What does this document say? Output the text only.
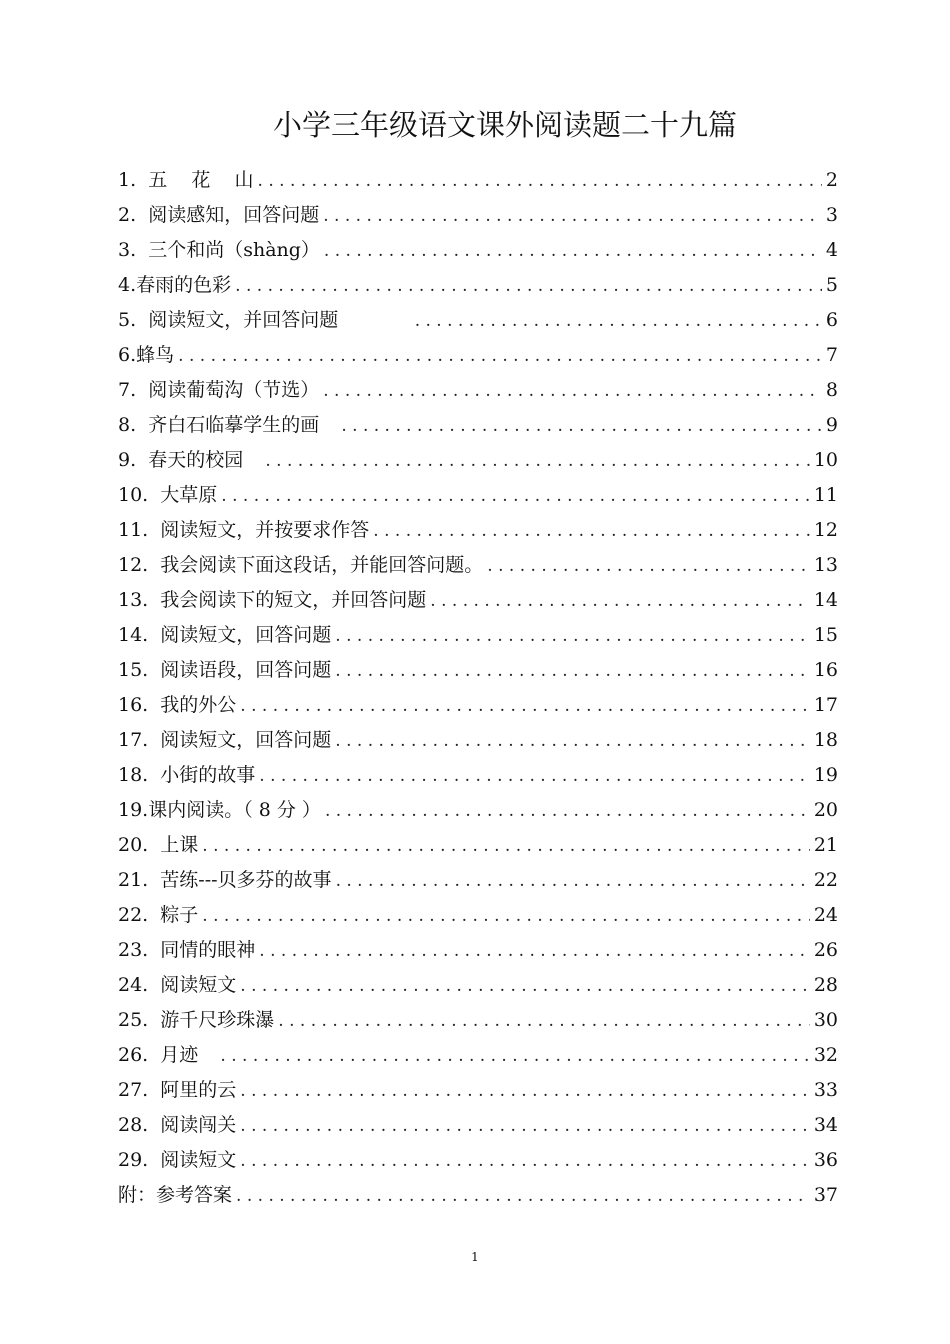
小学三年级语文课外阅读题二十九篇
1.  五    花    山 . . .	2
2.  阅读感知，回答问题 . . .	3
3.  三个和尚（shàng） . . .	4
4.春雨的色彩 . . .	5
5.  阅读短文，并回答问题 . . .	6
6.蜂鸟 . . .	7
7.  阅读葡萄沟（节选） . . .	8
8.  齐白石临摹学生的画 . . .	9
9.  春天的校园 . . .	10
10.  大草原 . . .	11
11.  阅读短文，并按要求作答 . . .	12
12.  我会阅读下面这段话，并能回答问题。 . . .	13
13.  我会阅读下的短文，并回答问题 . . .	14
14.  阅读短文，回答问题 . . .	15
15.  阅读语段，回答问题 . . .	16
16.  我的外公 . . .	17
17.  阅读短文，回答问题 . . .	18
18.  小街的故事 . . .	19
19.课内阅读。（ 8 分 ） . . .	20
20.  上课 . . .	21
21.  苦练---贝多芬的故事 . . .	22
22.  粽子 . . .	24
23.  同情的眼神 . . .	26
24.  阅读短文 . . .	28
25.  游千尺珍珠瀑 . . .	30
26.  月迹 . . .	32
27.  阿里的云 . . .	33
28.  阅读闯关 . . .	34
29.  阅读短文 . . .	36
附：参考答案 . . .	37
1
